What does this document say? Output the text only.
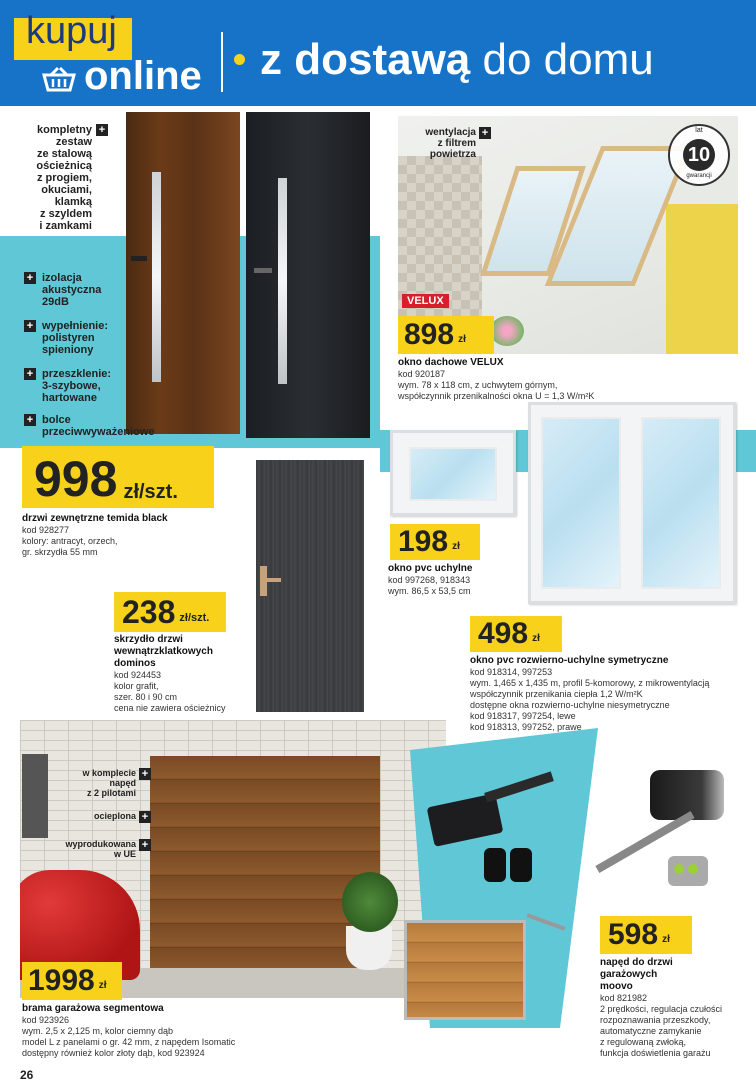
kupuj
online z dostawą do domu
kompletny
zestaw
ze stalową
ościeżnicą
z progiem,
okuciami,
klamką
z szyldem
i zamkami
+
+
izolacja
akustyczna
29dB
+
wypełnienie:
polistyren
spieniony
+
przeszklenie:
3-szybowe,
hartowane
+
bolce
przeciwwyważeniowe
998 zł/szt.
drzwi zewnętrzne temida black
kod 928277
kolory: antracyt, orzech,
gr. skrzydła 55 mm
wentylacja
z filtrem
powietrza
+
lat
10
gwarancji
VELUX
898 zł
okno dachowe VELUX
kod 920187
wym. 78 x 118 cm, z uchwytem górnym,
współczynnik przenikalności okna U = 1,3 W/m²K
198 zł
okno pvc uchylne
kod 997268, 918343
wym. 86,5 x 53,5 cm
238 zł/szt.
skrzydło drzwi
wewnątrzklatkowych
dominos
kod 924453
kolor grafit,
szer. 80 i 90 cm
cena nie zawiera ościeżnicy
498 zł
okno pvc rozwierno-uchylne symetryczne
kod 918314, 997253
wym. 1,465 x 1,435 m, profil 5-komorowy, z mikrowentylacją
współczynnik przenikania ciepła 1,2 W/m²K
dostępne okna rozwierno-uchylne niesymetryczne
kod 918317, 997254, lewe
kod 918313, 997252, prawe
w komplecie
napęd
z 2 pilotami
+
ocieplona
+
wyprodukowana
w UE
+
1998 zł
brama garażowa segmentowa
kod 923926
wym. 2,5 x 2,125 m, kolor ciemny dąb
model L z panelami o gr. 42 mm, z napędem Isomatic
dostępny również kolor złoty dąb, kod 923924
598 zł
napęd do drzwi
garażowych
moovo
kod 821982
2 prędkości, regulacja czułości
rozpoznawania przeszkody,
automatyczne zamykanie
z regulowaną zwłoką,
funkcja doświetlenia garażu
26
